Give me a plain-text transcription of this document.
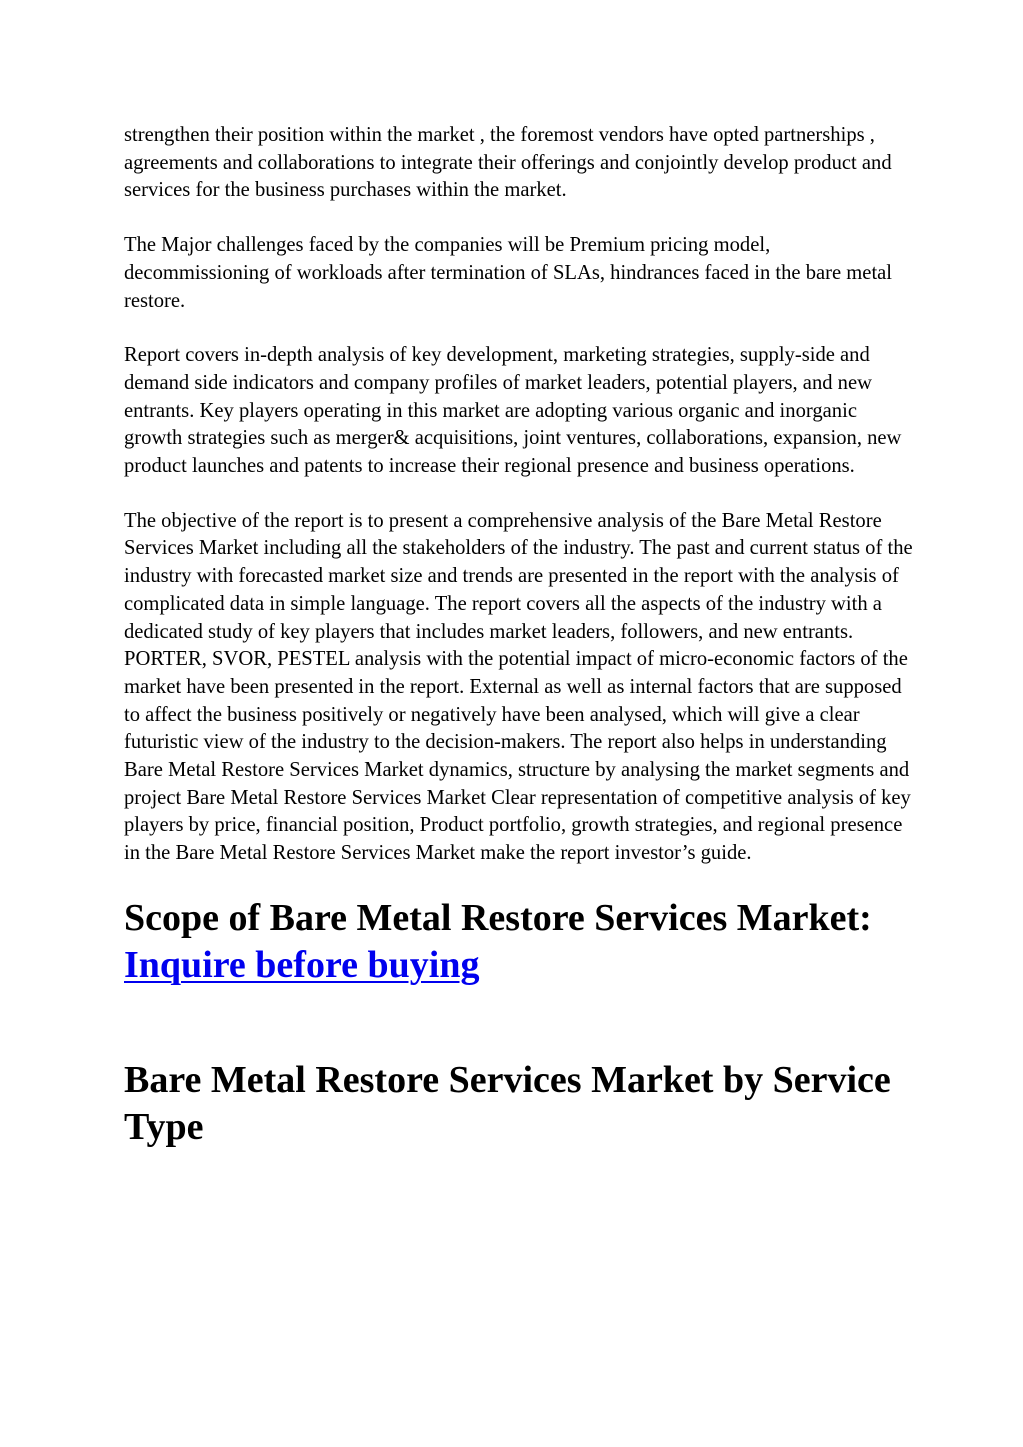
strengthen their position within the market , the foremost vendors have opted partnerships , agreements and collaborations to integrate their offerings and conjointly develop product and services for the business purchases within the market.

The Major challenges faced by the companies will be Premium pricing model, decommissioning of workloads after termination of SLAs, hindrances faced in the bare metal restore.

Report covers in-depth analysis of key development, marketing strategies, supply-side and demand side indicators and company profiles of market leaders, potential players, and new entrants. Key players operating in this market are adopting various organic and inorganic growth strategies such as merger& acquisitions, joint ventures, collaborations, expansion, new product launches and patents to increase their regional presence and business operations.

The objective of the report is to present a comprehensive analysis of the Bare Metal Restore Services Market including all the stakeholders of the industry. The past and current status of the industry with forecasted market size and trends are presented in the report with the analysis of complicated data in simple language. The report covers all the aspects of the industry with a dedicated study of key players that includes market leaders, followers, and new entrants. PORTER, SVOR, PESTEL analysis with the potential impact of micro-economic factors of the market have been presented in the report. External as well as internal factors that are supposed to affect the business positively or negatively have been analysed, which will give a clear futuristic view of the industry to the decision-makers. The report also helps in understanding Bare Metal Restore Services Market dynamics, structure by analysing the market segments and project Bare Metal Restore Services Market Clear representation of competitive analysis of key players by price, financial position, Product portfolio, growth strategies, and regional presence in the Bare Metal Restore Services Market make the report investor’s guide.

Scope of Bare Metal Restore Services Market: Inquire before buying
Bare Metal Restore Services Market by Service Type
